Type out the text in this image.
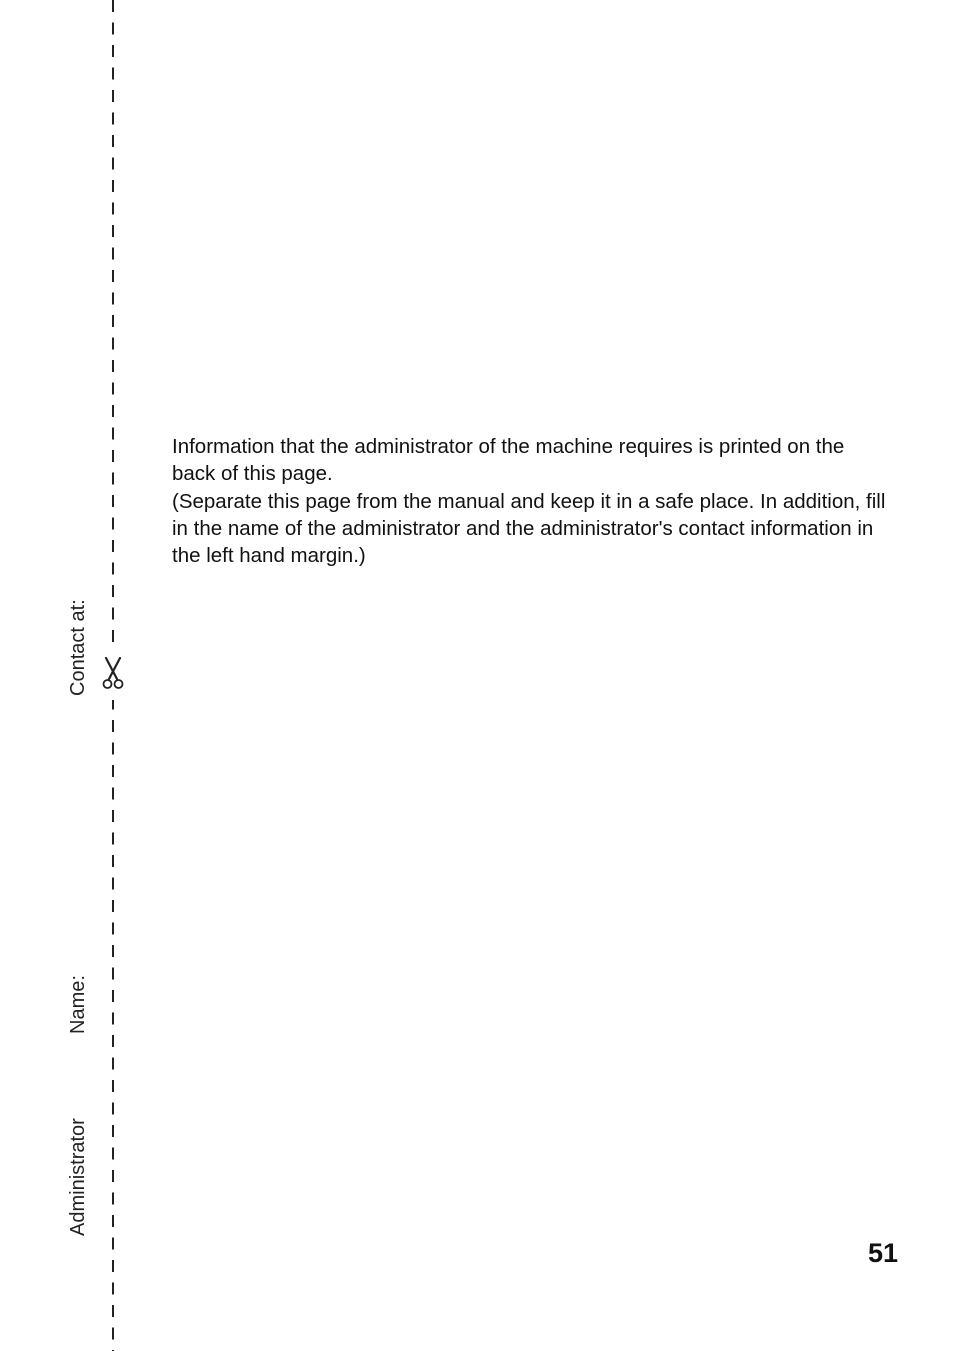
Contact at:
Name:
Administrator

Information that the administrator of the machine requires is printed on the back of this page.

(Separate this page from the manual and keep it in a safe place. In addition, fill in the name of the administrator and the administrator's contact information in the left hand margin.)

51
